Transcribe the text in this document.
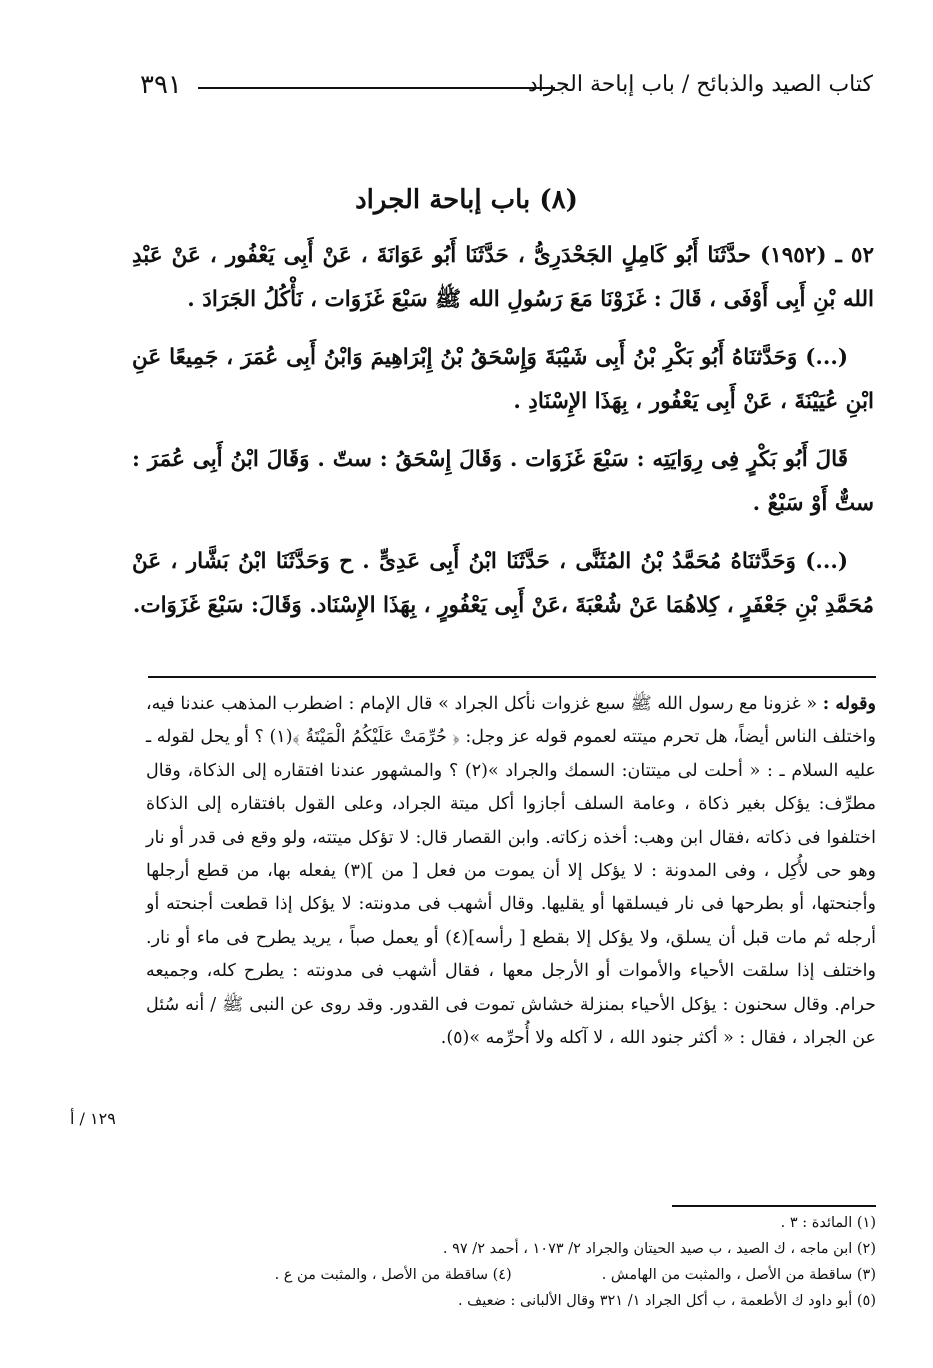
٣٩١	كتاب الصيد والذبائح / باب إباحة الجراد
(٨) باب إباحة الجراد

٥٢ ـ (١٩٥٢) حدَّثَنَا أَبُو كَامِلٍ الجَحْدَرِىُّ ، حَدَّثَنَا أَبُو عَوَانَةَ ، عَنْ أَبِى يَعْفُور ، عَنْ عَبْدِ الله بْنِ أَبِى أَوْفَى ، قَالَ : غَزَوْنَا مَعَ رَسُولِ الله ﷺ سَبْعَ غَزَوَات ، نَأْكُلُ الجَرَادَ .

(...) وَحَدَّثنَاهُ أَبُو بَكْرِ بْنُ أَبِى شَيْبَةَ وَإِسْحَقُ بْنُ إِبْرَاهِيمَ وَابْنُ أَبِى عُمَرَ ، جَمِيعًا عَنِ ابْنِ عُيَيْنَةَ ، عَنْ أَبِى يَعْفُور ، بِهَذَا الإِسْنَادِ .

قَالَ أَبُو بَكْرٍ فِى رِوَايَتِه : سَبْعَ غَزَوَات . وَقَالَ إِسْحَقُ : ستّ . وَقَالَ ابْنُ أَبِى عُمَرَ : ستٌّ أَوْ سَبْعٌ .

(...) وَحَدَّثنَاهُ مُحَمَّدُ بْنُ المُثَنَّى ، حَدَّثَنَا ابْنُ أَبِى عَدِىٍّ . ح وَحَدَّثَنَا ابْنُ بَشَّار ، عَنْ مُحَمَّدِ بْنِ جَعْفَرٍ ، كِلاهُمَا عَنْ شُعْبَةَ ،عَنْ أَبِى يَعْفُورٍ ، بِهَذَا الإِسْنَاد. وَقَالَ: سَبْعَ غَزَوَات.

وقوله : « غزونا مع رسول الله ﷺ سبع غزوات نأكل الجراد » قال الإمام : اضطرب المذهب عندنا فيه، واختلف الناس أيضاً، هل تحرم ميتته لعموم قوله عز وجل: ﴿ حُرِّمَتْ عَلَيْكُمُ الْمَيْتَةُ ﴾(١) ؟ أو يحل لقوله ـ عليه السلام ـ : « أحلت لى ميتتان: السمك والجراد »(٢) ؟ والمشهور عندنا افتقاره إلى الذكاة، وقال مطرِّف: يؤكل بغير ذكاة ، وعامة السلف أجازوا أكل ميتة الجراد، وعلى القول بافتقاره إلى الذكاة اختلفوا فى ذكاته ،فقال ابن وهب: أخذه زكاته. وابن القصار قال: لا تؤكل ميتته، ولو وقع فى قدر أو نار وهو حى لأُكِل ، وفى المدونة : لا يؤكل إلا أن يموت من فعل [ من ](٣) يفعله بها، من قطع أرجلها وأجنحتها، أو بطرحها فى نار فيسلقها أو يقليها. وقال أشهب فى مدونته: لا يؤكل إذا قطعت أجنحته أو أرجله ثم مات قبل أن يسلق، ولا يؤكل إلا بقطع [ رأسه](٤) أو يعمل صباً ، يريد يطرح فى ماء أو نار. واختلف إذا سلقت الأحياء والأموات أو الأرجل معها ، فقال أشهب فى مدونته : يطرح كله، وجميعه حرام. وقال سحنون : يؤكل الأحياء بمنزلة خشاش تموت فى القدور. وقد روى عن النبى ﷺ / أنه سُئل عن الجراد ، فقال : « أكثر جنود الله ، لا آكله ولا أُحرِّمه »(٥).

١٢٩ / أ
(١) المائدة : ٣ .
(٢) ابن ماجه ، ك الصيد ، ب صيد الحيتان والجراد ٢/ ١٠٧٣ ، أحمد ٢/ ٩٧ .
(٣) ساقطة من الأصل ، والمثبت من الهامش .(٤) ساقطة من الأصل ، والمثبت من ع .
(٥) أبو داود ك الأطعمة ، ب أكل الجراد ١/ ٣٢١ وقال الألبانى : ضعيف .
